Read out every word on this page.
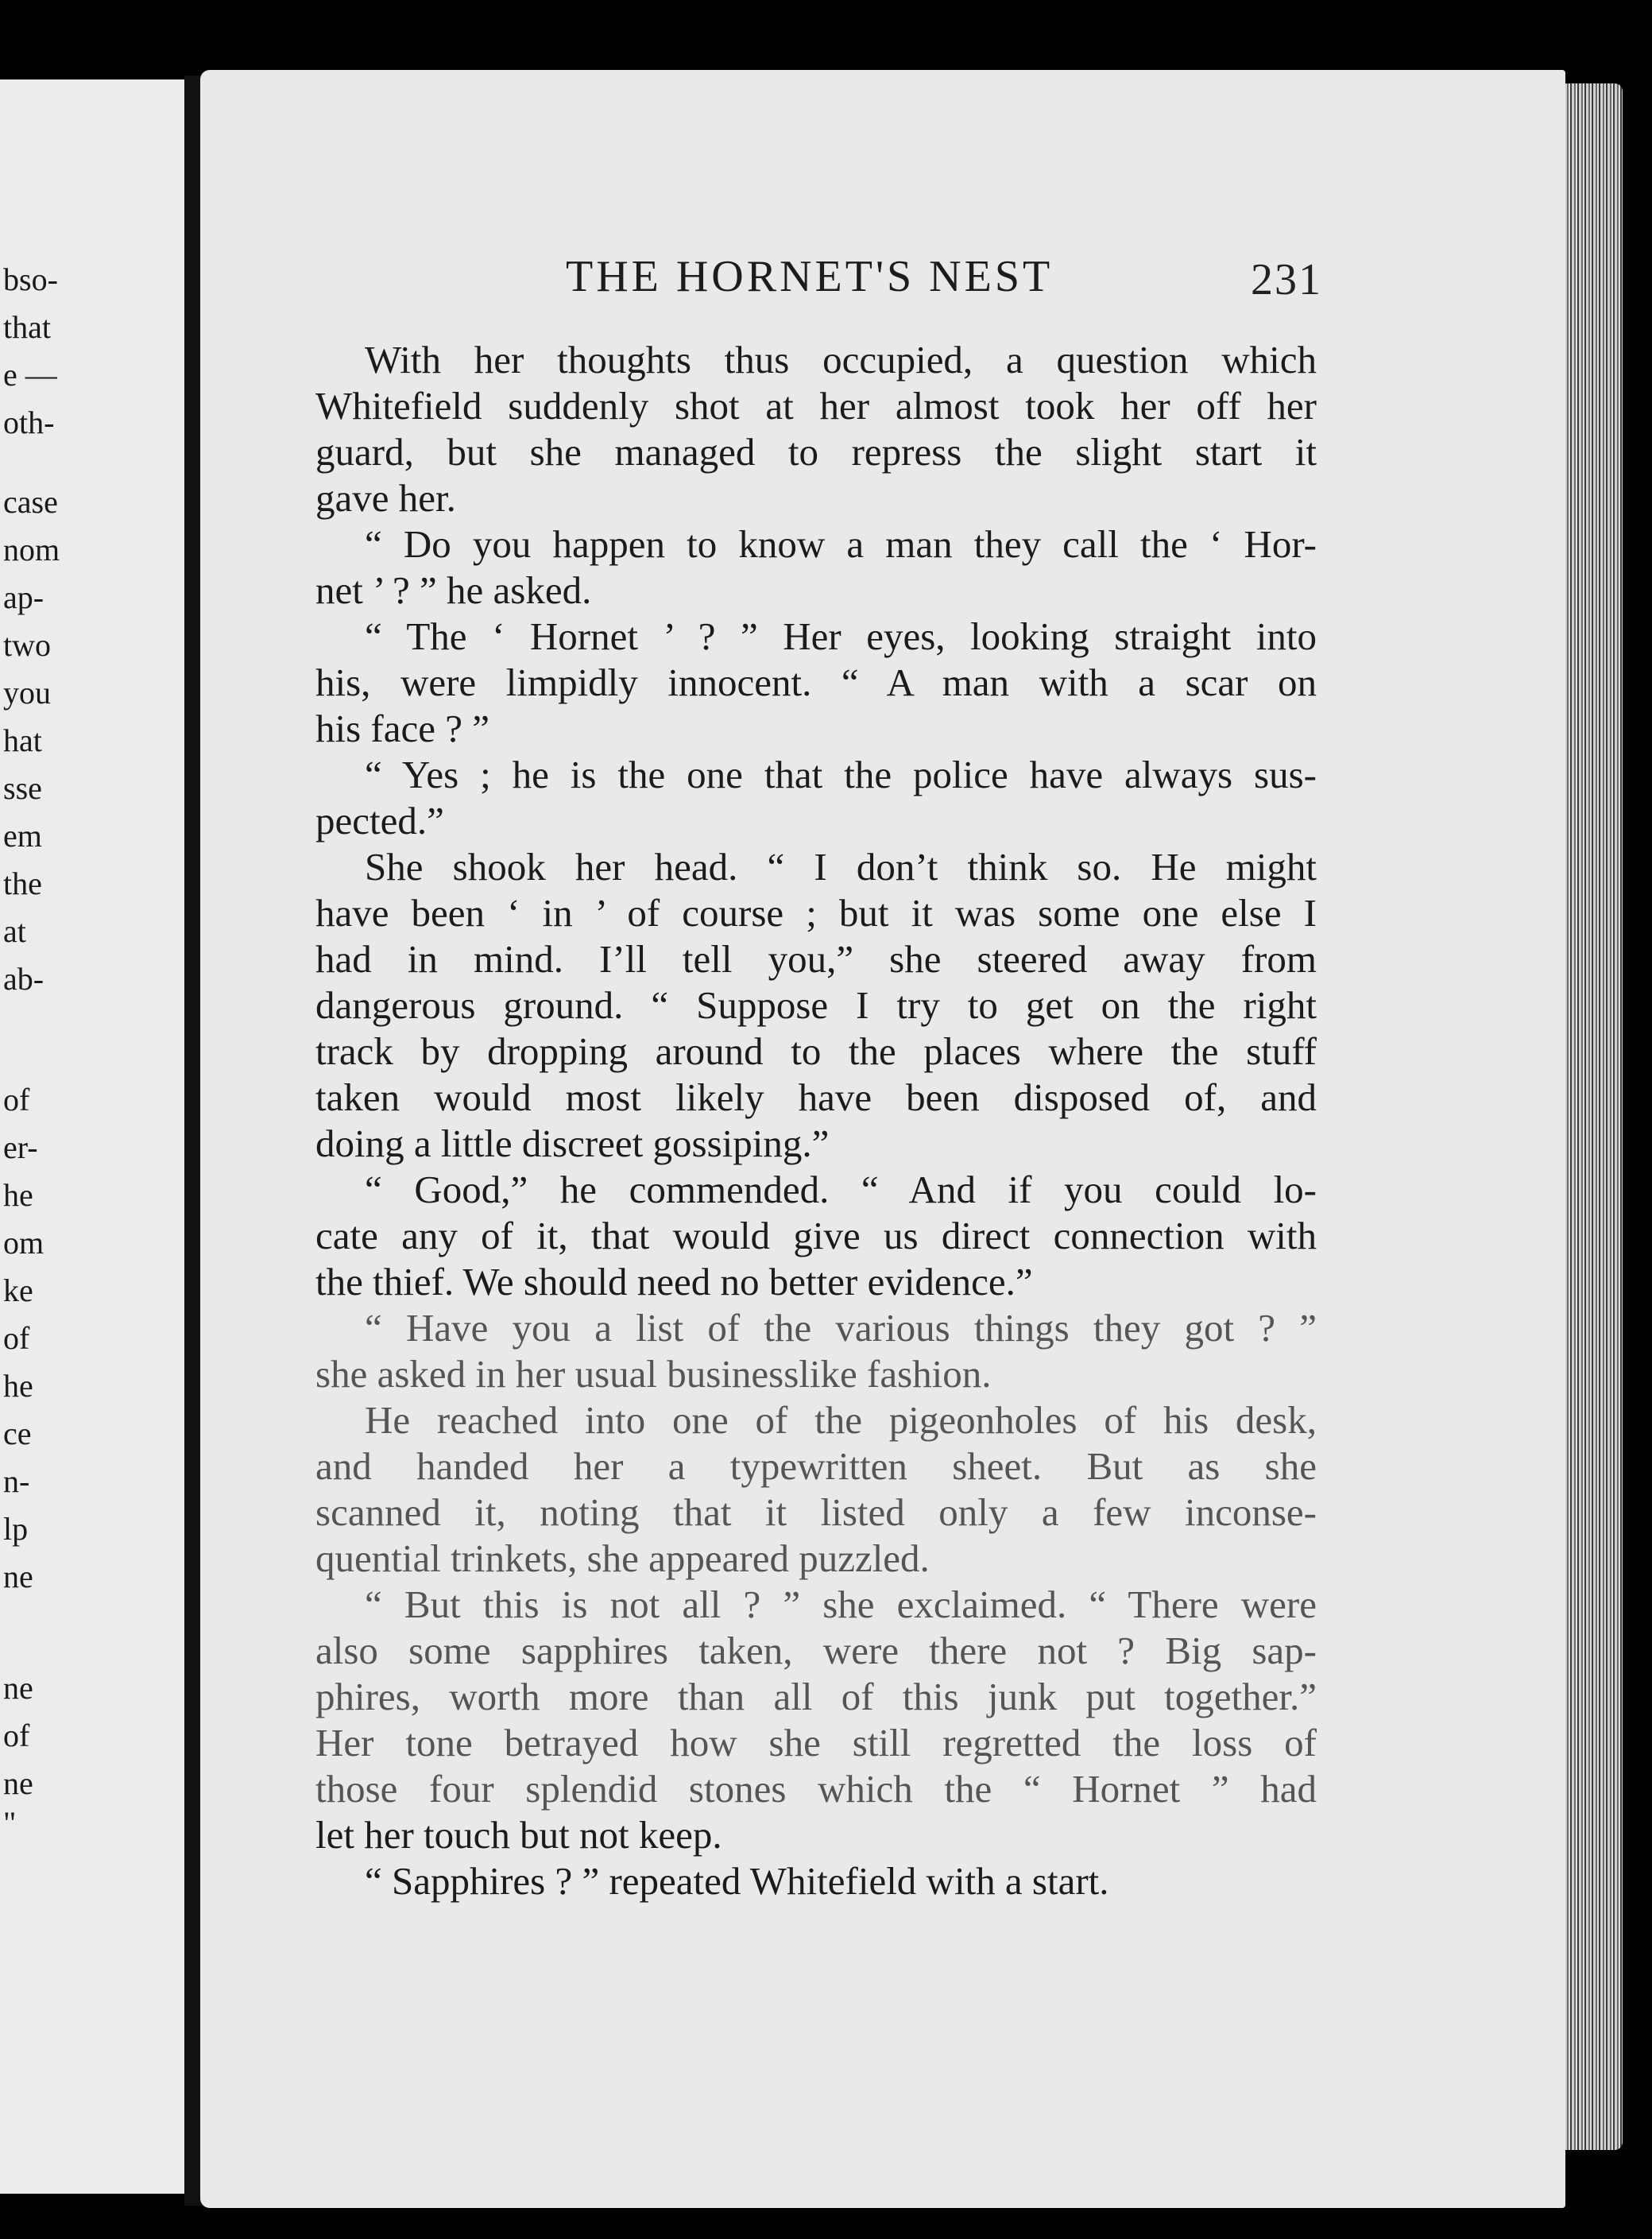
bso-
that
e —
oth-
case
nom
ap-
two
you
hat
sse
em
the
at
ab-
of
er-
he
om
ke
of
he
ce
n-
lp
ne
ne
of
ne
"
THE HORNET'S NEST	231
With her thoughts thus occupied, a question which
Whitefield suddenly shot at her almost took her off her
guard, but she managed to repress the slight start it
gave her.
“ Do you happen to know a man they call the ‘ Hor-
net ’ ? ” he asked.
“ The ‘ Hornet ’ ? ” Her eyes, looking straight into
his, were limpidly innocent. “ A man with a scar on
his face ? ”
“ Yes ; he is the one that the police have always sus-
pected.”
She shook her head. “ I don’t think so. He might
have been ‘ in ’ of course ; but it was some one else I
had in mind. I’ll tell you,” she steered away from
dangerous ground. “ Suppose I try to get on the right
track by dropping around to the places where the stuff
taken would most likely have been disposed of, and
doing a little discreet gossiping.”
“ Good,” he commended. “ And if you could lo-
cate any of it, that would give us direct connection with
the thief. We should need no better evidence.”
“ Have you a list of the various things they got ? ”
she asked in her usual businesslike fashion.
He reached into one of the pigeonholes of his desk,
and handed her a typewritten sheet. But as she
scanned it, noting that it listed only a few inconse-
quential trinkets, she appeared puzzled.
“ But this is not all ? ” she exclaimed. “ There were
also some sapphires taken, were there not ? Big sap-
phires, worth more than all of this junk put together.”
Her tone betrayed how she still regretted the loss of
those four splendid stones which the “ Hornet ” had
let her touch but not keep.
“ Sapphires ? ” repeated Whitefield with a start.
